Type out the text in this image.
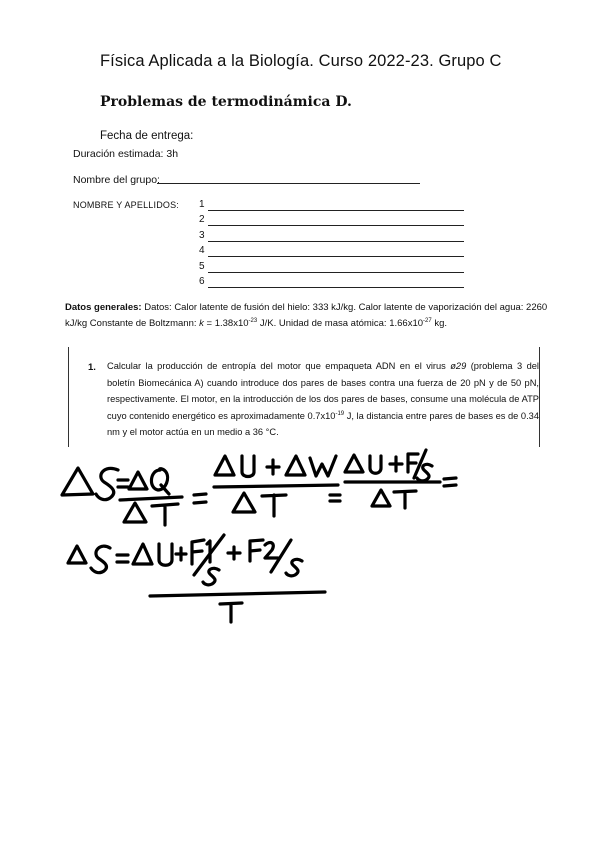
Física Aplicada a la Biología. Curso 2022-23. Grupo C
Problemas de termodinámica D.
Fecha de entrega:
Duración estimada: 3h
Nombre del grupo:
NOMBRE Y APELLIDOS: 1
2
3
4
5
6
Datos generales: Datos: Calor latente de fusión del hielo: 333 kJ/kg. Calor latente de vaporización del agua: 2260 kJ/kg Constante de Boltzmann: $k = 1.38x10^{-23}$ J/K. Unidad de masa atómica: $1.66x10^{-27}$ kg.
1. Calcular la producción de entropía del motor que empaqueta ADN en el virus ø29 (problema 3 del boletín Biomecánica A) cuando introduce dos pares de bases contra una fuerza de 20 pN y de 50 pN, respectivamente. El motor, en la introducción de los dos pares de bases, consume una molécula de ATP cuyo contenido energético es aproximadamente $0.7x10^{-19}$ J, la distancia entre pares de bases es de 0.34 nm y el motor actúa en un medio a 36 °C.
